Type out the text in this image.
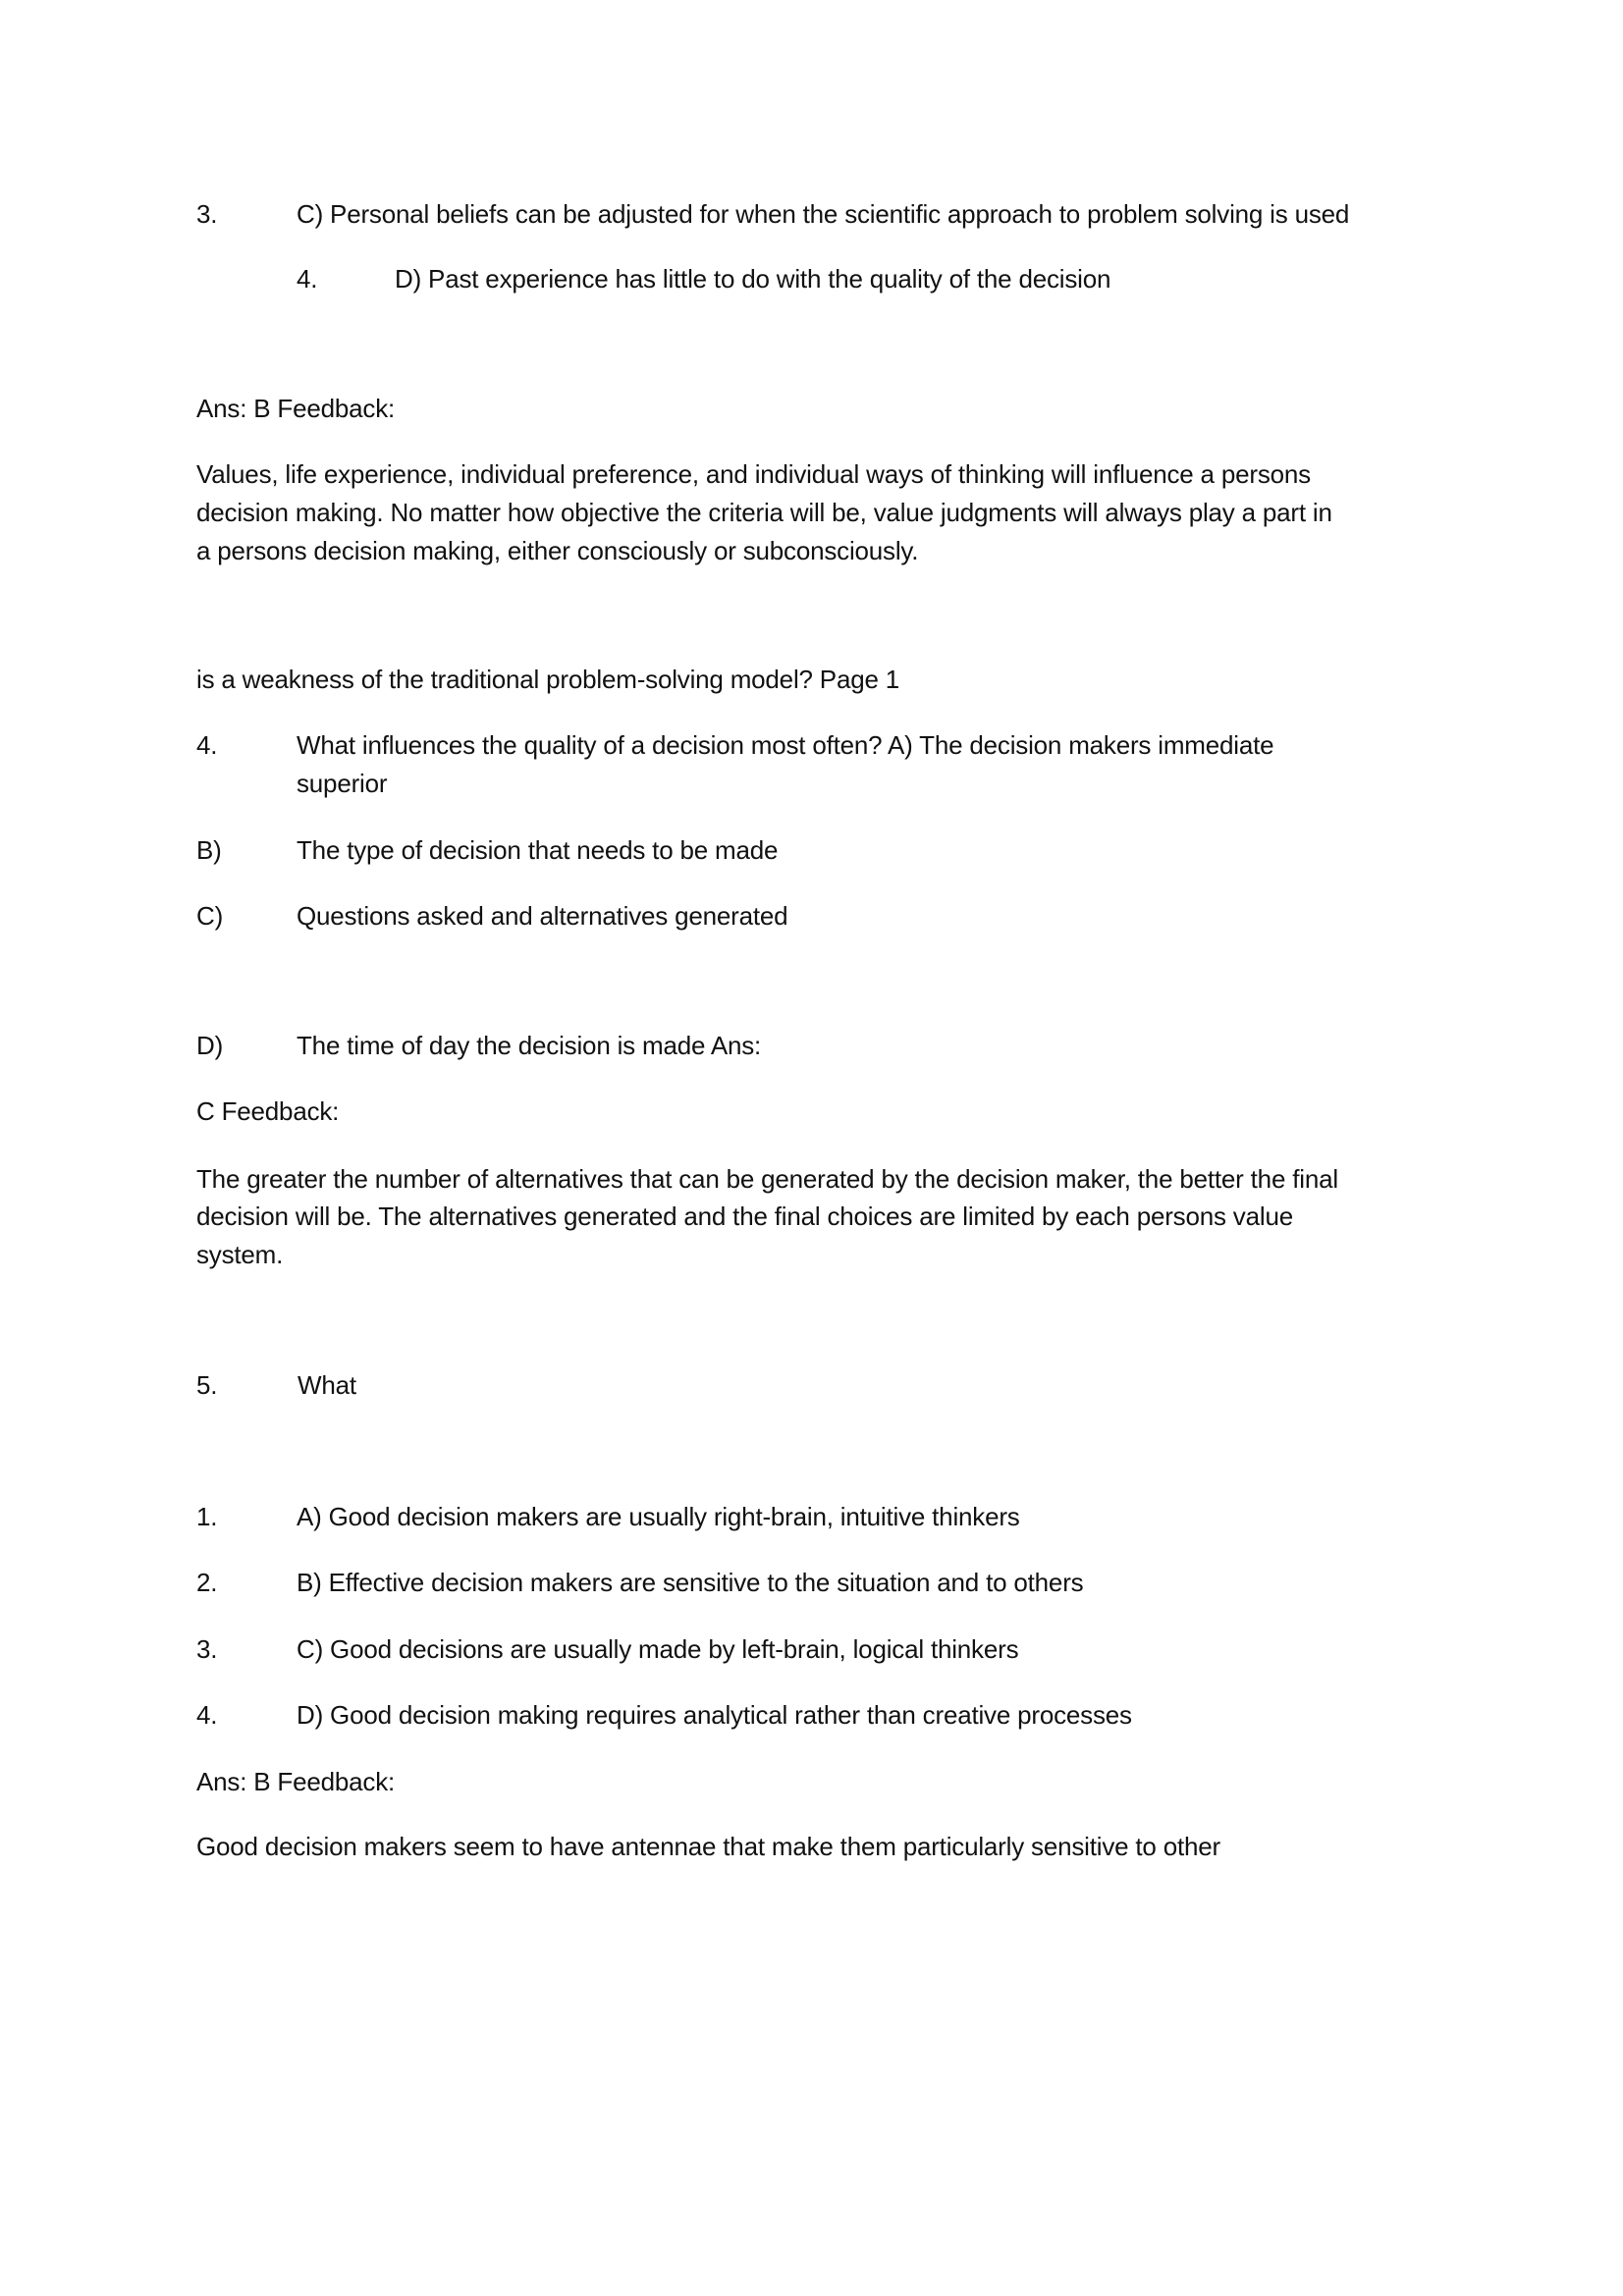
3.	C) Personal beliefs can be adjusted for when the scientific approach to problem solving is used
4.	D) Past experience has little to do with the quality of the decision
Ans: B Feedback:
Values, life experience, individual preference, and individual ways of thinking will influence a persons
decision making. No matter how objective the criteria will be, value judgments will always play a part in
a persons decision making, either consciously or subconsciously.
is a weakness of the traditional problem-solving model? Page 1
4.	What influences the quality of a decision most often? A) The decision makers immediate
superior
B)	The type of decision that needs to be made
C)	Questions asked and alternatives generated
D)	The time of day the decision is made Ans:
C Feedback:
The greater the number of alternatives that can be generated by the decision maker, the better the final
decision will be. The alternatives generated and the final choices are limited by each persons value
system.
5.	What
1.	A) Good decision makers are usually right-brain, intuitive thinkers
2.	B) Effective decision makers are sensitive to the situation and to others
3.	C) Good decisions are usually made by left-brain, logical thinkers
4.	D) Good decision making requires analytical rather than creative processes
Ans: B Feedback:
Good decision makers seem to have antennae that make them particularly sensitive to other
